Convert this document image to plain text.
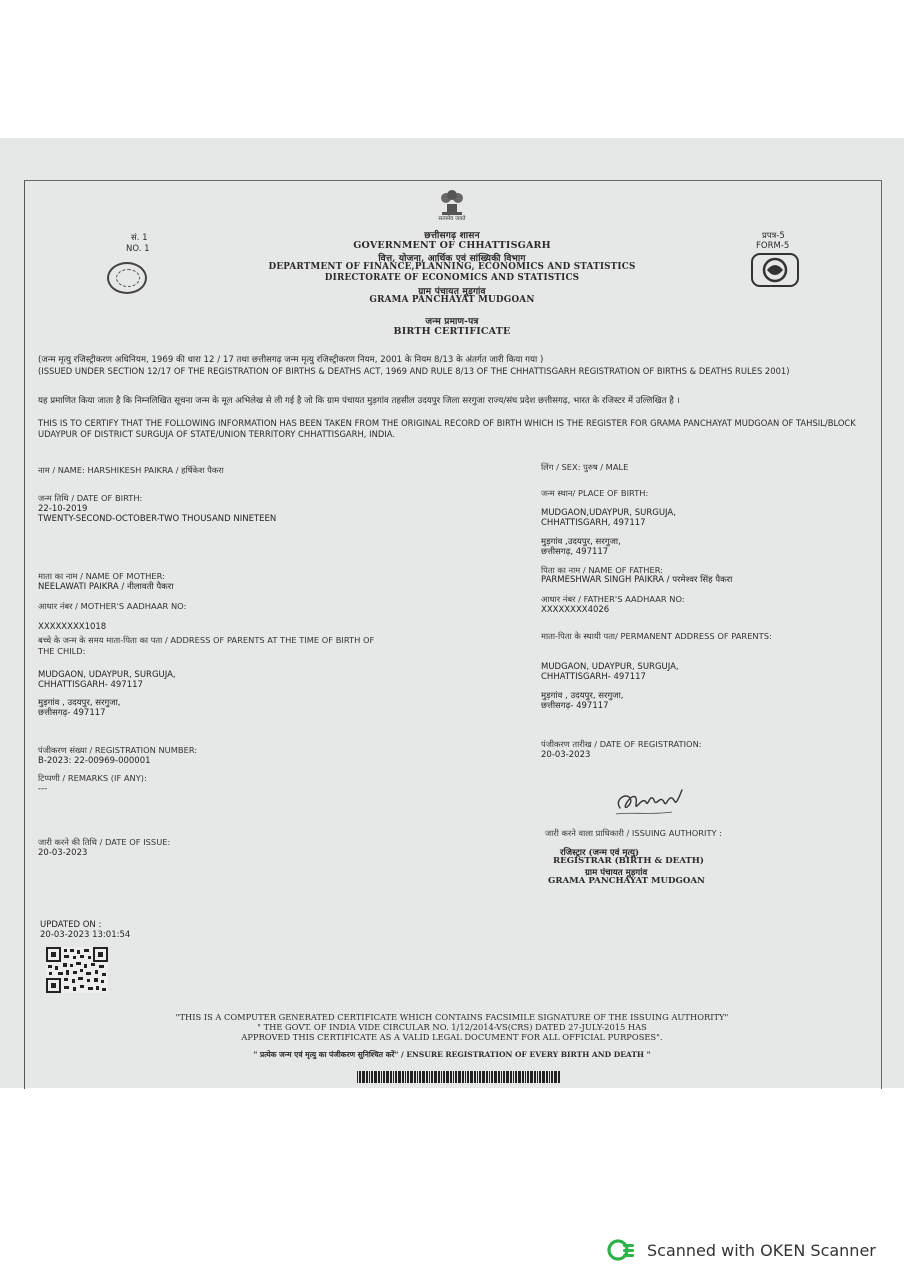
सं. 1
NO. 1
सत्यमेव जयते
प्रपत्र-5
FORM-5
छत्तीसगढ़ शासन
GOVERNMENT OF CHHATTISGARH
वित्त, योजना, आर्थिक एवं सांख्यिकी विभाग
DEPARTMENT OF FINANCE,PLANNING, ECONOMICS AND STATISTICS
DIRECTORATE OF ECONOMICS AND STATISTICS
ग्राम पंचायत मुड़गांव
GRAMA PANCHAYAT MUDGOAN
जन्म प्रमाण-पत्र
BIRTH CERTIFICATE
(जन्म मृत्यु रजिस्ट्रीकरण अधिनियम, 1969 की धारा 12 / 17 तथा छत्तीसगढ़ जन्म मृत्यु रजिस्ट्रीकरण नियम, 2001 के नियम 8/13 के अंतर्गत जारी किया गया )
(ISSUED UNDER SECTION 12/17 OF THE REGISTRATION OF BIRTHS & DEATHS ACT, 1969 AND RULE 8/13 OF THE CHHATTISGARH REGISTRATION OF BIRTHS & DEATHS RULES 2001)
यह प्रमाणित किया जाता है कि निम्नलिखित सूचना जन्म के मूल अभिलेख से ली गई है जो कि ग्राम पंचायत मुड़गांव तहसील उदयपुर जिला सरगुजा राज्य/संघ प्रदेश छत्तीसगढ़, भारत के रजिस्टर में उल्लिखित है ।
THIS IS TO CERTIFY THAT THE FOLLOWING INFORMATION HAS BEEN TAKEN FROM THE ORIGINAL RECORD OF BIRTH WHICH IS THE REGISTER FOR GRAMA PANCHAYAT MUDGOAN OF TAHSIL/BLOCK UDAYPUR OF DISTRICT SURGUJA OF STATE/UNION TERRITORY CHHATTISGARH, INDIA.
नाम / NAME: HARSHIKESH PAIKRA / हर्षिकेश पैकरा	लिंग / SEX: पुरुष / MALE
जन्म तिथि / DATE OF BIRTH:
22-10-2019
TWENTY-SECOND-OCTOBER-TWO THOUSAND NINETEEN
जन्म स्थान/ PLACE OF BIRTH:
MUDGAON,UDAYPUR, SURGUJA,
CHHATTISGARH, 497117
मुड़गांव ,उदयपुर, सरगुजा,
छत्तीसगढ़, 497117
माता का नाम / NAME OF MOTHER:
NEELAWATI PAIKRA / नीलावती पैकरा
पिता का नाम / NAME OF FATHER:
PARMESHWAR SINGH PAIKRA / परमेश्वर सिंह पैकरा
आधार नंबर / MOTHER'S AADHAAR NO:
XXXXXXXX1018
आधार नंबर / FATHER'S AADHAAR NO:
XXXXXXXX4026
बच्चे के जन्म के समय माता-पिता का पता / ADDRESS OF PARENTS AT THE TIME OF BIRTH OF
THE CHILD:
MUDGAON, UDAYPUR, SURGUJA,
CHHATTISGARH- 497117
मुड़गांव , उदयपुर, सरगुजा,
छत्तीसगढ़- 497117
माता-पिता के स्थायी पता/ PERMANENT ADDRESS OF PARENTS:
MUDGAON, UDAYPUR, SURGUJA,
CHHATTISGARH- 497117
मुड़गांव , उदयपुर, सरगुजा,
छत्तीसगढ़- 497117
पंजीकरण संख्या / REGISTRATION NUMBER:
B-2023: 22-00969-000001
पंजीकरण तारीख / DATE OF REGISTRATION:
20-03-2023
टिप्पणी / REMARKS (IF ANY):
---
जारी करने की तिथि / DATE OF ISSUE:
20-03-2023
जारी करने वाला प्राधिकारी / ISSUING AUTHORITY :
रजिस्ट्रार (जन्म एवं मृत्यु)
REGISTRAR (BIRTH & DEATH)
ग्राम पंचायत मुड़गांव
GRAMA PANCHAYAT MUDGOAN
UPDATED ON :
20-03-2023 13:01:54
"THIS IS A COMPUTER GENERATED CERTIFICATE WHICH CONTAINS FACSIMILE SIGNATURE OF THE ISSUING AUTHORITY"
" THE GOVT. OF INDIA VIDE CIRCULAR NO. 1/12/2014-VS(CRS) DATED 27-JULY-2015 HAS
APPROVED THIS CERTIFICATE AS A VALID LEGAL DOCUMENT FOR ALL OFFICIAL PURPOSES".
" प्रत्येक जन्म एवं मृत्यु का पंजीकरण सुनिश्चित करें" / ENSURE REGISTRATION OF EVERY BIRTH AND DEATH "
Scanned with OKEN Scanner
